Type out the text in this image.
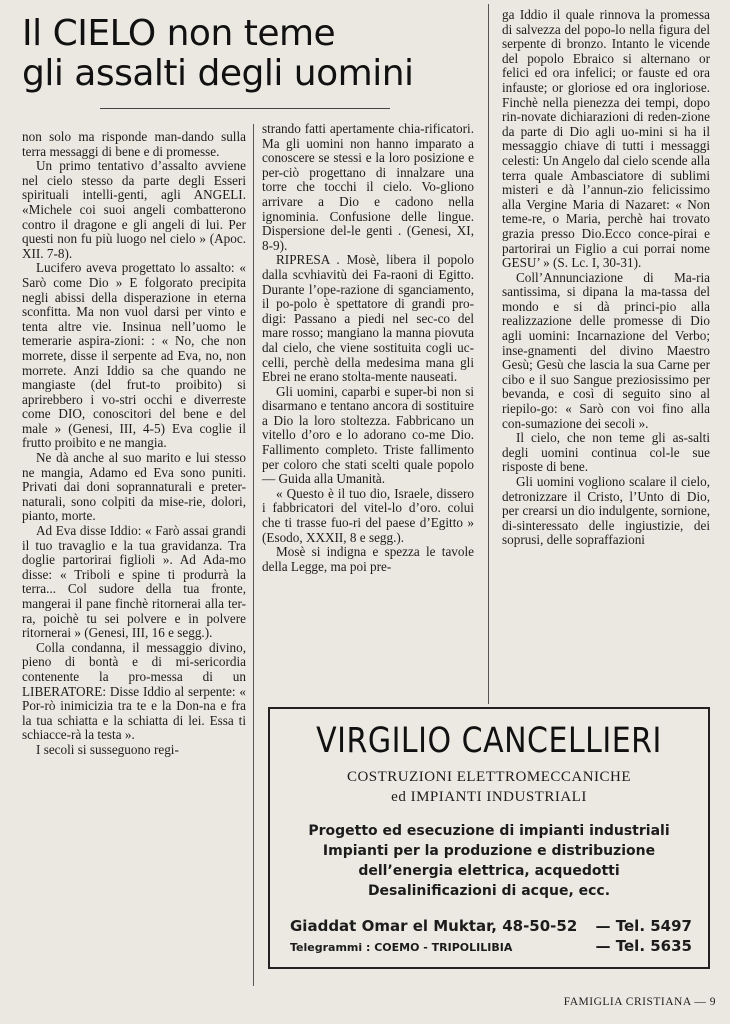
Il CIELO non teme
gli assalti degli uomini

non solo ma risponde man-dando sulla terra messaggi di bene e di promesse.

Un primo tentativo d’assalto avviene nel cielo stesso da parte degli Esseri spirituali intelli-genti, agli ANGELI. «Michele coi suoi angeli combatterono contro il dragone e gli angeli di lui. Per questi non fu più luogo nel cielo » (Apoc. XII. 7-8).

Lucifero aveva progettato lo assalto: « Sarò come Dio » E folgorato precipita negli abissi della disperazione in eterna sconfitta. Ma non vuol darsi per vinto e tenta altre vie. Insinua nell’uomo le temerarie aspira-zioni: : « No, che non morrete, disse il serpente ad Eva, no, non morrete. Anzi Iddio sa che quando ne mangiaste (del frut-to proibito) si aprirebbero i vo-stri occhi e diverreste come DIO, conoscitori del bene e del male » (Genesi, III, 4-5) Eva coglie il frutto proibito e ne mangia.

Ne dà anche al suo marito e lui stesso ne mangia, Adamo ed Eva sono puniti. Privati dai doni soprannaturali e preter-naturali, sono colpiti da mise-rie, dolori, pianto, morte.

Ad Eva disse Iddio: « Farò assai grandi il tuo travaglio e la tua gravidanza. Tra doglie partorirai figlioli ». Ad Ada-mo disse: « Triboli e spine ti produrrà la terra... Col sudore della tua fronte, mangerai il pane finchè ritornerai alla ter-ra, poichè tu sei polvere e in polvere ritornerai » (Genesi, III, 16 e segg.).

Colla condanna, il messaggio divino, pieno di bontà e di mi-sericordia contenente la pro-messa di un LIBERATORE: Disse Iddio al serpente: « Por-rò inimicizia tra te e la Don-na e fra la tua schiatta e la schiatta di lei. Essa ti schiacce-rà la testa ».

I secoli si susseguono regi-

strando fatti apertamente chia-rificatori. Ma gli uomini non hanno imparato a conoscere se stessi e la loro posizione e per-ciò progettano di innalzare una torre che tocchi il cielo. Vo-gliono arrivare a Dio e cadono nella ignominia. Confusione delle lingue. Dispersione del-le genti . (Genesi, XI, 8-9).

RIPRESA . Mosè, libera il popolo dalla scvhiavitù dei Fa-raoni di Egitto. Durante l’ope-razione di sganciamento, il po-polo è spettatore di grandi pro-digi: Passano a piedi nel sec-co del mare rosso; mangiano la manna piovuta dal cielo, che viene sostituita cogli uc-celli, perchè della medesima mana gli Ebrei ne erano stolta-mente nauseati.

Gli uomini, caparbi e super-bi non si disarmano e tentano ancora di sostituire a Dio la loro stoltezza. Fabbricano un vitello d’oro e lo adorano co-me Dio. Fallimento completo. Triste fallimento per coloro che stati scelti quale popolo — Guida alla Umanità.

« Questo è il tuo dio, Israele, dissero i fabbricatori del vitel-lo d’oro. colui che ti trasse fuo-ri del paese d’Egitto » (Esodo, XXXII, 8 e segg.).

Mosè si indigna e spezza le tavole della Legge, ma poi pre-

ga Iddio il quale rinnova la promessa di salvezza del popo-lo nella figura del serpente di bronzo. Intanto le vicende del popolo Ebraico si alternano or felici ed ora infelici; or fauste ed ora infauste; or gloriose ed ora ingloriose. Finchè nella pienezza dei tempi, dopo rin-novate dichiarazioni di reden-zione da parte di Dio agli uo-mini si ha il messaggio chiave di tutti i messaggi celesti: Un Angelo dal cielo scende alla terra quale Ambasciatore di sublimi misteri e dà l’annun-zio felicissimo alla Vergine Maria di Nazaret: « Non teme-re, o Maria, perchè hai trovato grazia presso Dio.Ecco conce-pirai e partorirai un Figlio a cui porrai nome GESU’ » (S. Lc. I, 30-31).

Coll’Annunciazione di Ma-ria santissima, si dipana la ma-tassa del mondo e si dà princi-pio alla realizzazione delle promesse di Dio agli uomini: Incarnazione del Verbo; inse-gnamenti del divino Maestro Gesù; Gesù che lascia la sua Carne per cibo e il suo Sangue preziosissimo per bevanda, e così di seguito sino al riepilo-go: « Sarò con voi fino alla con-sumazione dei secoli ».

Il cielo, che non teme gli as-salti degli uomini continua col-le sue risposte di bene.

Gli uomini vogliono scalare il cielo, detronizzare il Cristo, l’Unto di Dio, per crearsi un dio indulgente, sornione, di-sinteressato delle ingiustizie, dei soprusi, delle sopraffazioni

VIRGILIO CANCELLIERI
COSTRUZIONI ELETTROMECCANICHE
ed IMPIANTI INDUSTRIALI
Progetto ed esecuzione di impianti industriali
Impianti per la produzione e distribuzione
dell’energia elettrica, acquedotti
Desalinificazioni di acque, ecc.
Giaddat Omar el Muktar, 48-50-52 — Tel. 5497
Telegrammi : COEMO - TRIPOLILIBIA	— Tel. 5635
FAMIGLIA CRISTIANA — 9
